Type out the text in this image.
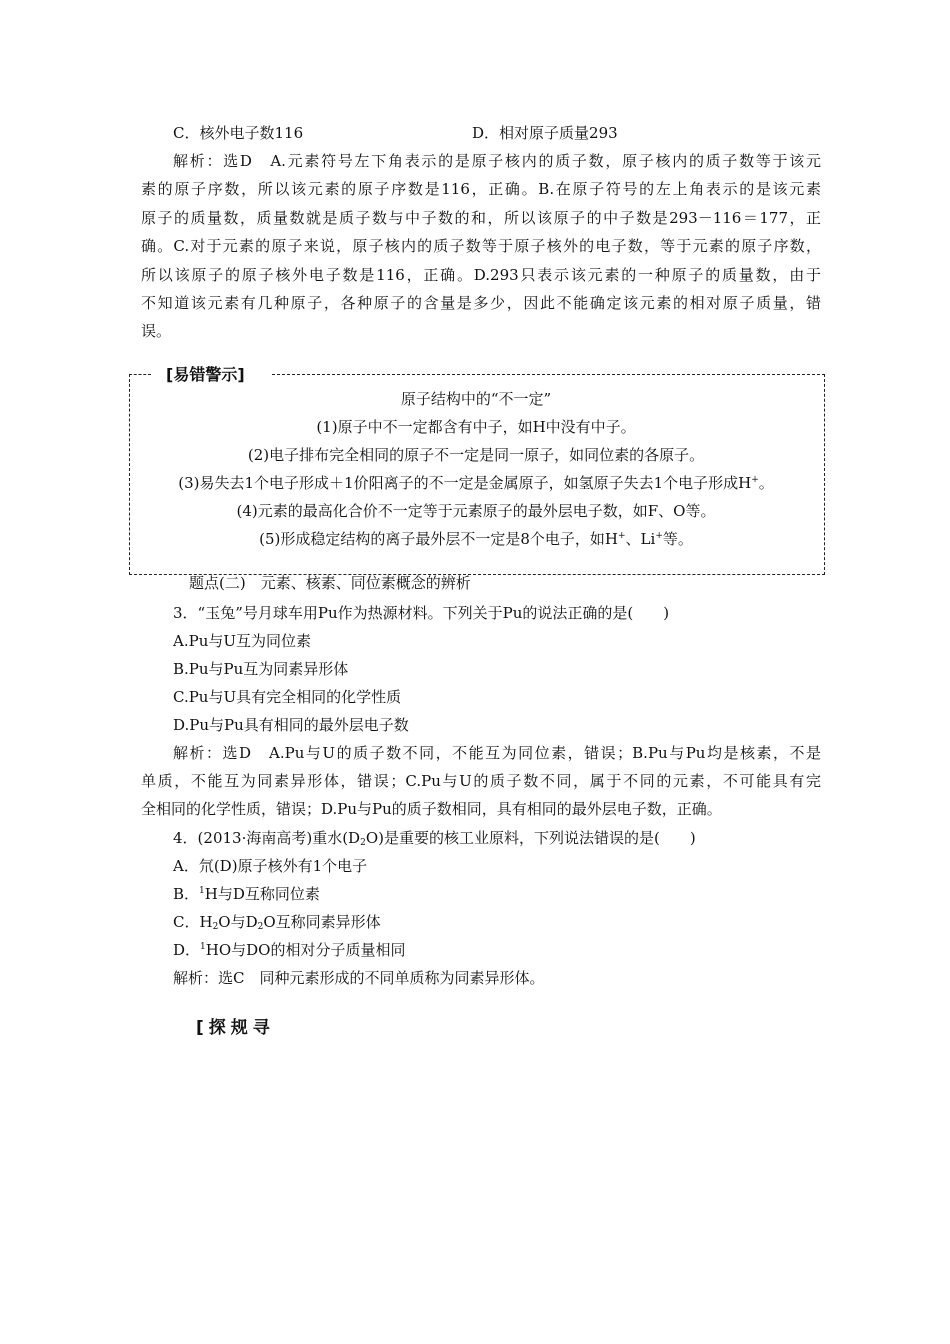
C．核外电子数116	D．相对原子质量293
解析：选D　A.元素符号左下角表示的是原子核内的质子数，原子核内的质子数等于该元
素的原子序数，所以该元素的原子序数是116，正确。B.在原子符号的左上角表示的是该元素
原子的质量数，质量数就是质子数与中子数的和，所以该原子的中子数是293－116＝177，正
确。C.对于元素的原子来说，原子核内的质子数等于原子核外的电子数，等于元素的原子序数，
所以该原子的原子核外电子数是116，正确。D.293只表示该元素的一种原子的质量数，由于
不知道该元素有几种原子，各种原子的含量是多少，因此不能确定该元素的相对原子质量，错
误。
[易错警示]
原子结构中的“不一定”
(1)原子中不一定都含有中子，如H中没有中子。
(2)电子排布完全相同的原子不一定是同一原子，如同位素的各原子。
(3)易失去1个电子形成＋1价阳离子的不一定是金属原子，如氢原子失去1个电子形成H+。
(4)元素的最高化合价不一定等于元素原子的最外层电子数，如F、O等。
(5)形成稳定结构的离子最外层不一定是8个电子，如H+、Li+等。
题点(二)　元素、核素、同位素概念的辨析
3．“玉兔”号月球车用Pu作为热源材料。下列关于Pu的说法正确的是(　　)
A.Pu与U互为同位素
B.Pu与Pu互为同素异形体
C.Pu与U具有完全相同的化学性质
D.Pu与Pu具有相同的最外层电子数
解析：选D　A.Pu与U的质子数不同，不能互为同位素，错误；B.Pu与Pu均是核素，不是
单质，不能互为同素异形体，错误；C.Pu与U的质子数不同，属于不同的元素，不可能具有完
全相同的化学性质，错误；D.Pu与Pu的质子数相同，具有相同的最外层电子数，正确。
4．(2013·海南高考)重水$(D_2O)$是重要的核工业原料，下列说法错误的是(　　)
A．氘(D)原子核外有1个电子
B．$^1$H与D互称同位素
C．$H_2O$与$D_2O$互称同素异形体
D．$^1$HO与DO的相对分子质量相同
解析：选C　同种元素形成的不同单质称为同素异形体。
[探规寻
